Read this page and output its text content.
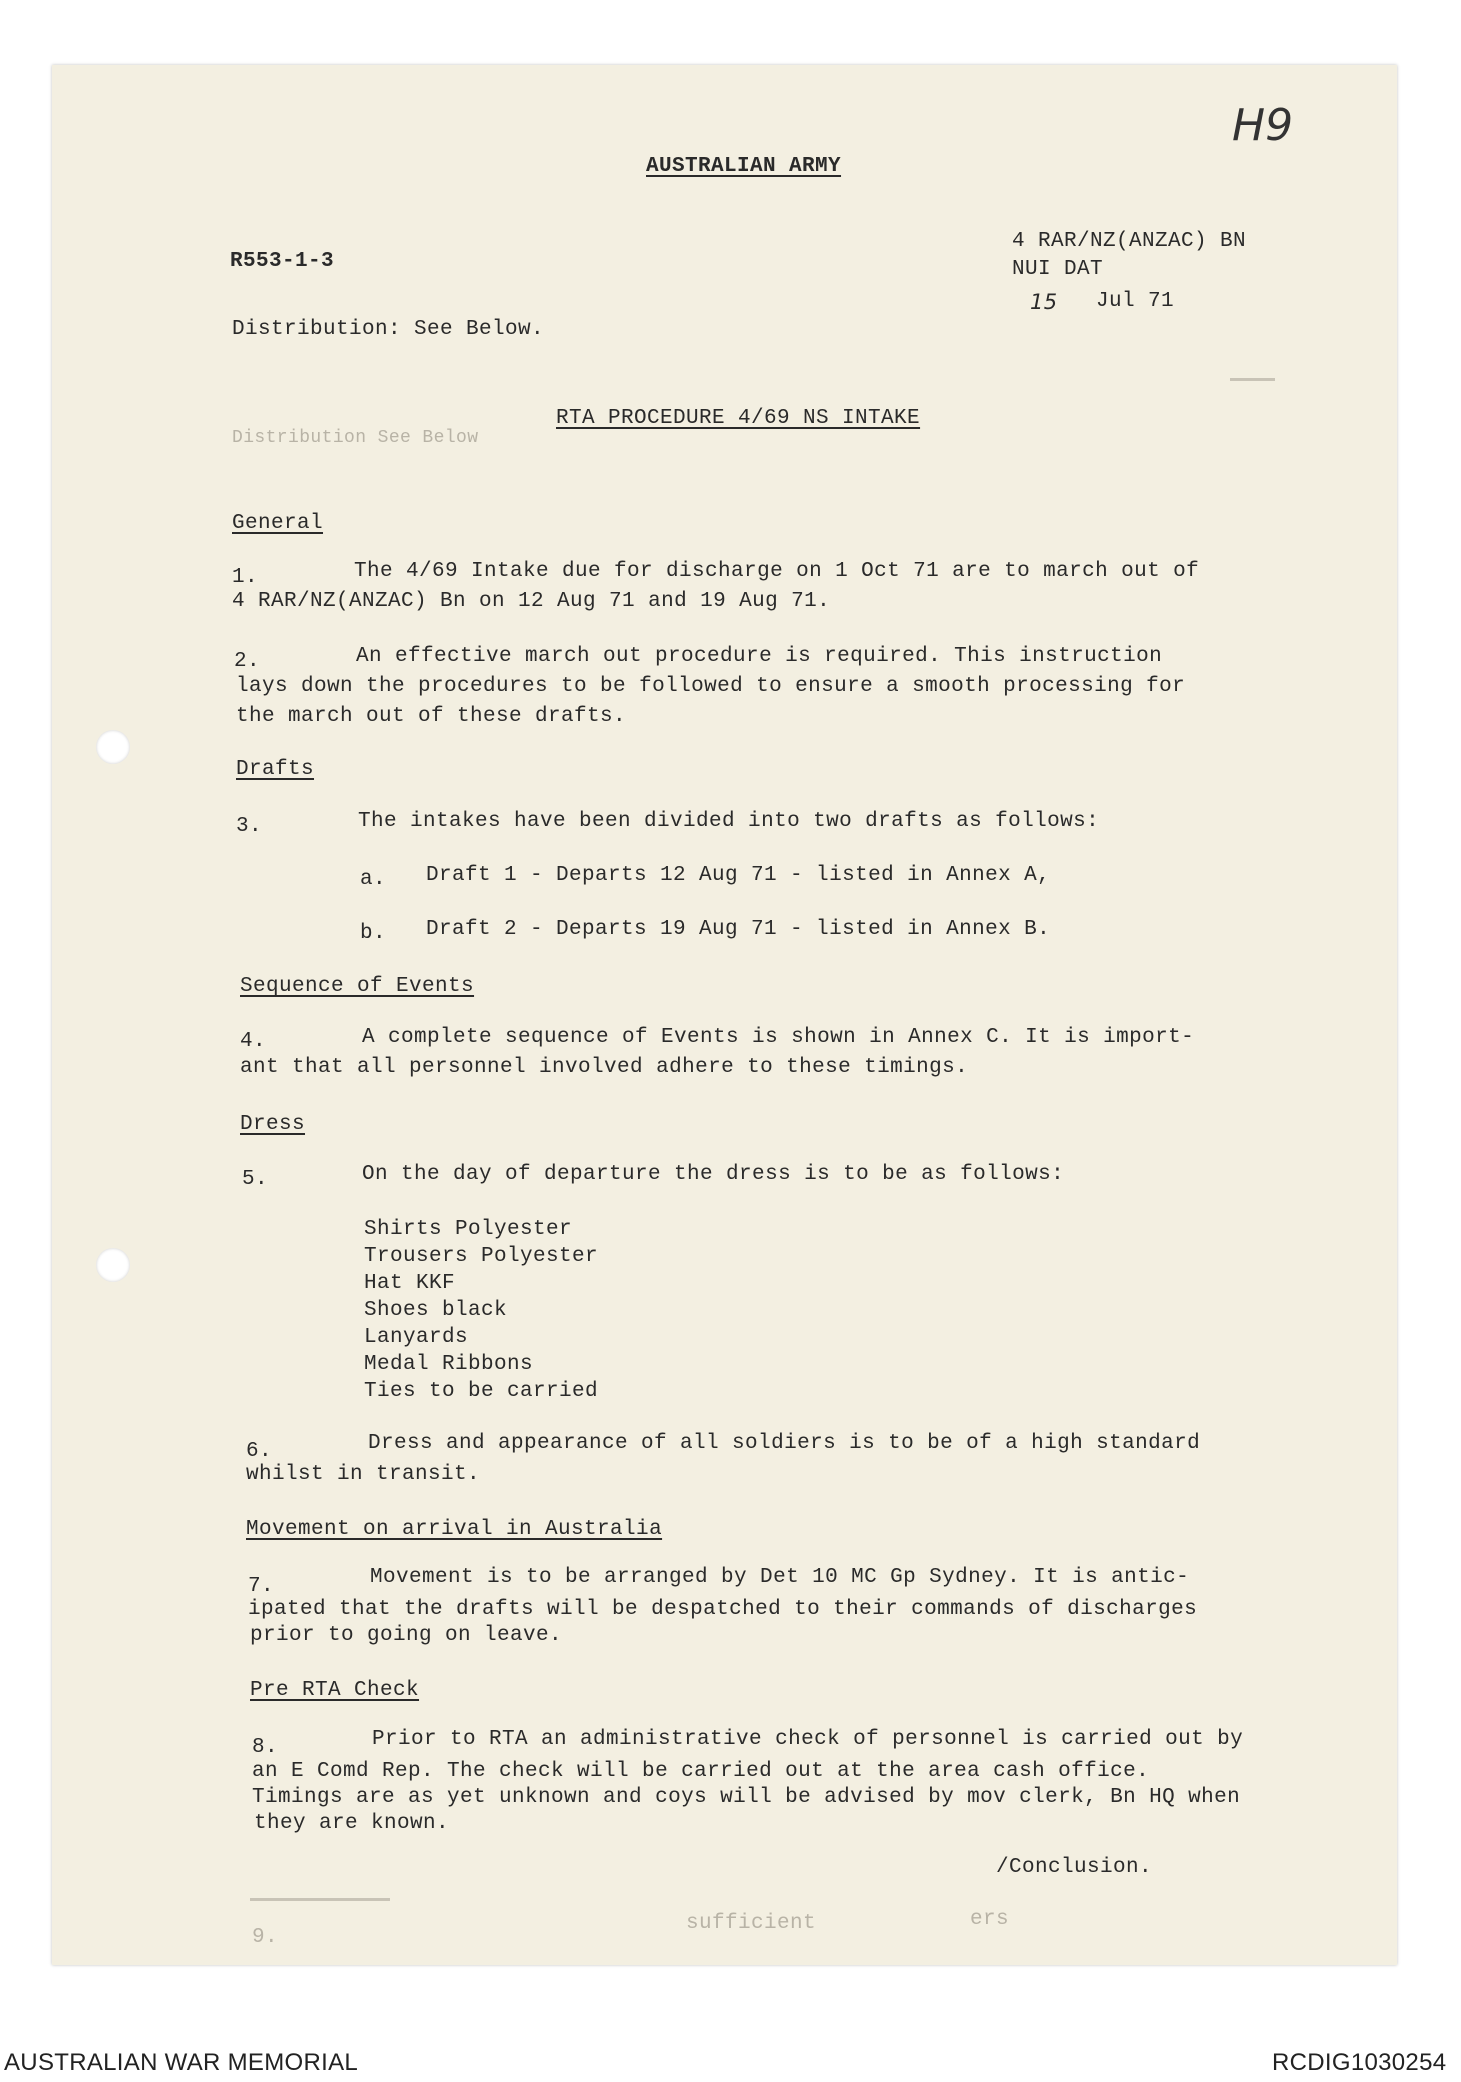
H9
AUSTRALIAN ARMY
R553-1-3
4 RAR/NZ(ANZAC) BN
NUI DAT
15 Jul 71
Distribution: See Below.
Distribution See Below
RTA PROCEDURE 4/69 NS INTAKE
General
1.	The 4/69 Intake due for discharge on 1 Oct 71 are to march out of
4 RAR/NZ(ANZAC) Bn on 12 Aug 71 and 19 Aug 71.
2.	An effective march out procedure is required. This instruction
lays down the procedures to be followed to ensure a smooth processing for
the march out of these drafts.
Drafts
3.	The intakes have been divided into two drafts as follows:
a. Draft 1 - Departs 12 Aug 71 - listed in Annex A,
b. Draft 2 - Departs 19 Aug 71 - listed in Annex B.
Sequence of Events
4.	A complete sequence of Events is shown in Annex C. It is import-
ant that all personnel involved adhere to these timings.
Dress
5.	On the day of departure the dress is to be as follows:
Shirts Polyester
Trousers Polyester
Hat KKF
Shoes black
Lanyards
Medal Ribbons
Ties to be carried
6.	Dress and appearance of all soldiers is to be of a high standard
whilst in transit.
Movement on arrival in Australia
7.	Movement is to be arranged by Det 10 MC Gp Sydney. It is antic-
ipated that the drafts will be despatched to their commands of discharges
prior to going on leave.
Pre RTA Check
8.	Prior to RTA an administrative check of personnel is carried out by
an E Comd Rep. The check will be carried out at the area cash office.
Timings are as yet unknown and coys will be advised by mov clerk, Bn HQ when
they are known.
/Conclusion.
9.
sufficient	ers
AUSTRALIAN WAR MEMORIAL	RCDIG1030254
